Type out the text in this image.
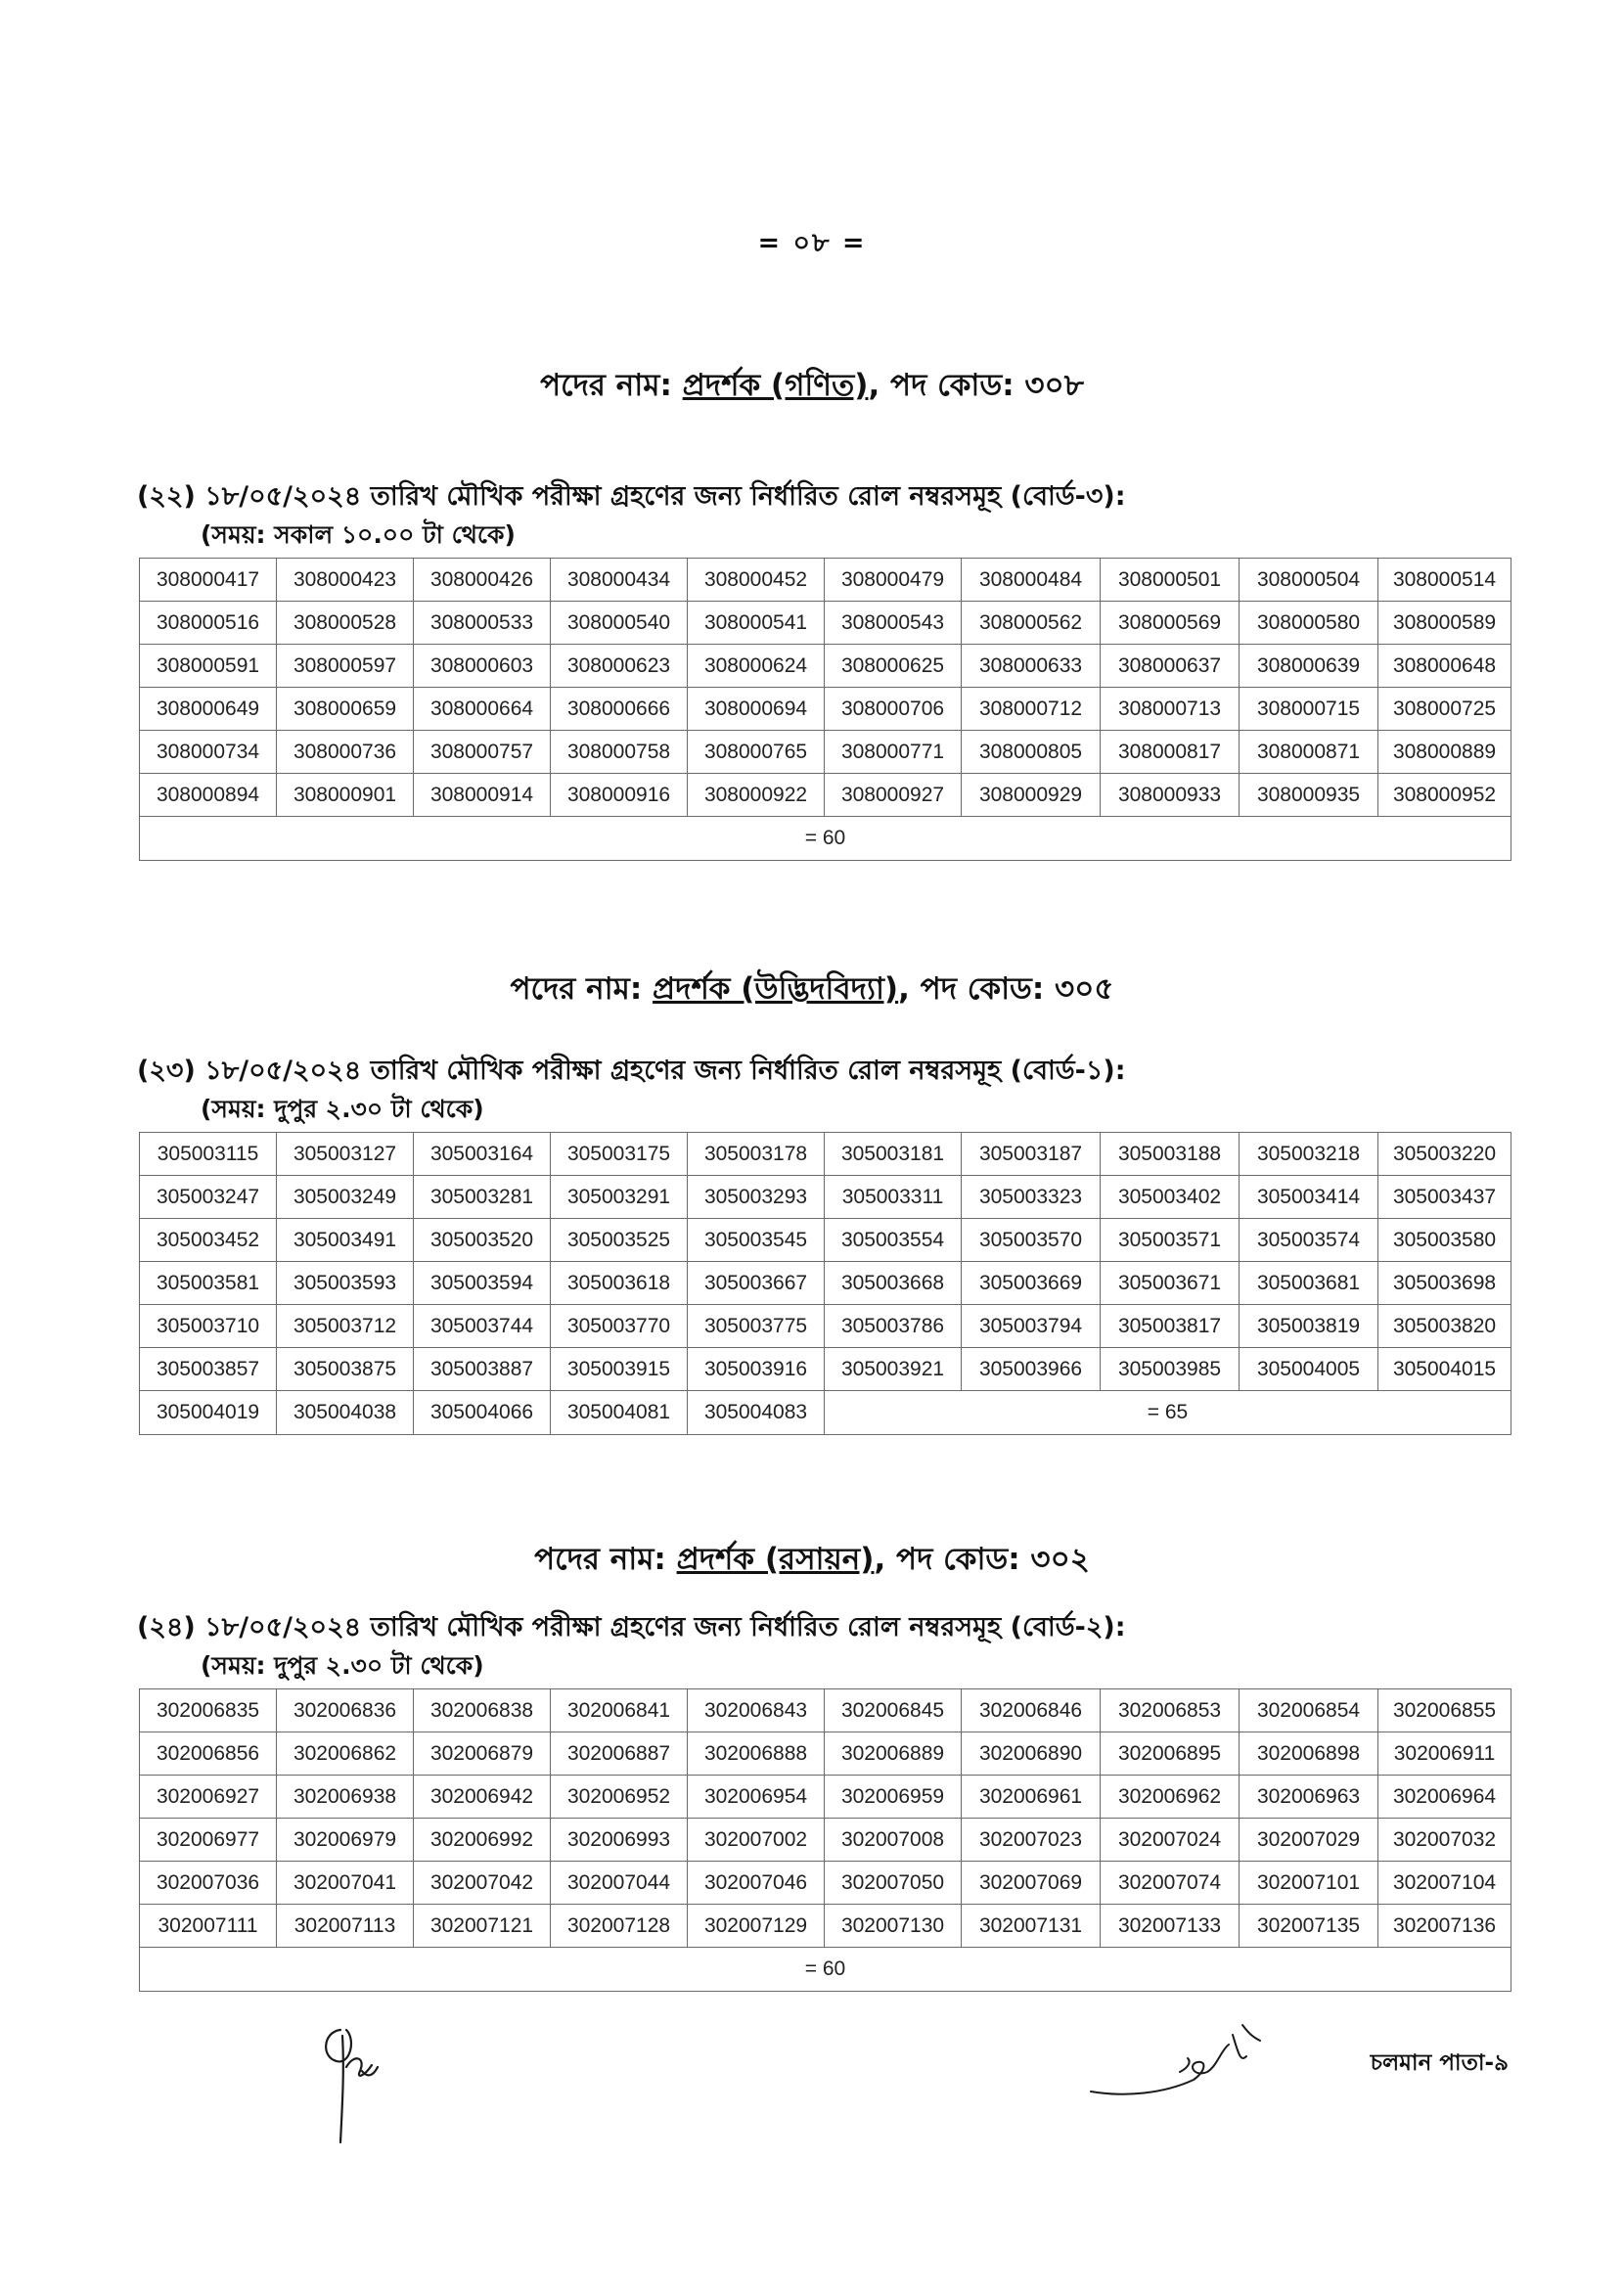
= ০৮ =
পদের নাম: প্রদর্শক (গণিত), পদ কোড: ৩০৮
(২২) ১৮/০৫/২০২৪ তারিখ মৌখিক পরীক্ষা গ্রহণের জন্য নির্ধারিত রোল নম্বরসমূহ (বোর্ড-৩):
(সময়: সকাল ১০.০০ টা থেকে)
308000417	308000423	308000426	308000434	308000452	308000479	308000484	308000501	308000504	308000514
308000516	308000528	308000533	308000540	308000541	308000543	308000562	308000569	308000580	308000589
308000591	308000597	308000603	308000623	308000624	308000625	308000633	308000637	308000639	308000648
308000649	308000659	308000664	308000666	308000694	308000706	308000712	308000713	308000715	308000725
308000734	308000736	308000757	308000758	308000765	308000771	308000805	308000817	308000871	308000889
308000894	308000901	308000914	308000916	308000922	308000927	308000929	308000933	308000935	308000952
= 60									
পদের নাম: প্রদর্শক (উদ্ভিদবিদ্যা), পদ কোড: ৩০৫
(২৩) ১৮/০৫/২০২৪ তারিখ মৌখিক পরীক্ষা গ্রহণের জন্য নির্ধারিত রোল নম্বরসমূহ (বোর্ড-১):
(সময়: দুপুর ২.৩০ টা থেকে)
305003115	305003127	305003164	305003175	305003178	305003181	305003187	305003188	305003218	305003220
305003247	305003249	305003281	305003291	305003293	305003311	305003323	305003402	305003414	305003437
305003452	305003491	305003520	305003525	305003545	305003554	305003570	305003571	305003574	305003580
305003581	305003593	305003594	305003618	305003667	305003668	305003669	305003671	305003681	305003698
305003710	305003712	305003744	305003770	305003775	305003786	305003794	305003817	305003819	305003820
305003857	305003875	305003887	305003915	305003916	305003921	305003966	305003985	305004005	305004015
305004019	305004038	305004066	305004081	305004083	= 65				
পদের নাম: প্রদর্শক (রসায়ন), পদ কোড: ৩০২
(২৪) ১৮/০৫/২০২৪ তারিখ মৌখিক পরীক্ষা গ্রহণের জন্য নির্ধারিত রোল নম্বরসমূহ (বোর্ড-২):
(সময়: দুপুর ২.৩০ টা থেকে)
302006835	302006836	302006838	302006841	302006843	302006845	302006846	302006853	302006854	302006855
302006856	302006862	302006879	302006887	302006888	302006889	302006890	302006895	302006898	302006911
302006927	302006938	302006942	302006952	302006954	302006959	302006961	302006962	302006963	302006964
302006977	302006979	302006992	302006993	302007002	302007008	302007023	302007024	302007029	302007032
302007036	302007041	302007042	302007044	302007046	302007050	302007069	302007074	302007101	302007104
302007111	302007113	302007121	302007128	302007129	302007130	302007131	302007133	302007135	302007136
= 60									
চলমান পাতা-৯
